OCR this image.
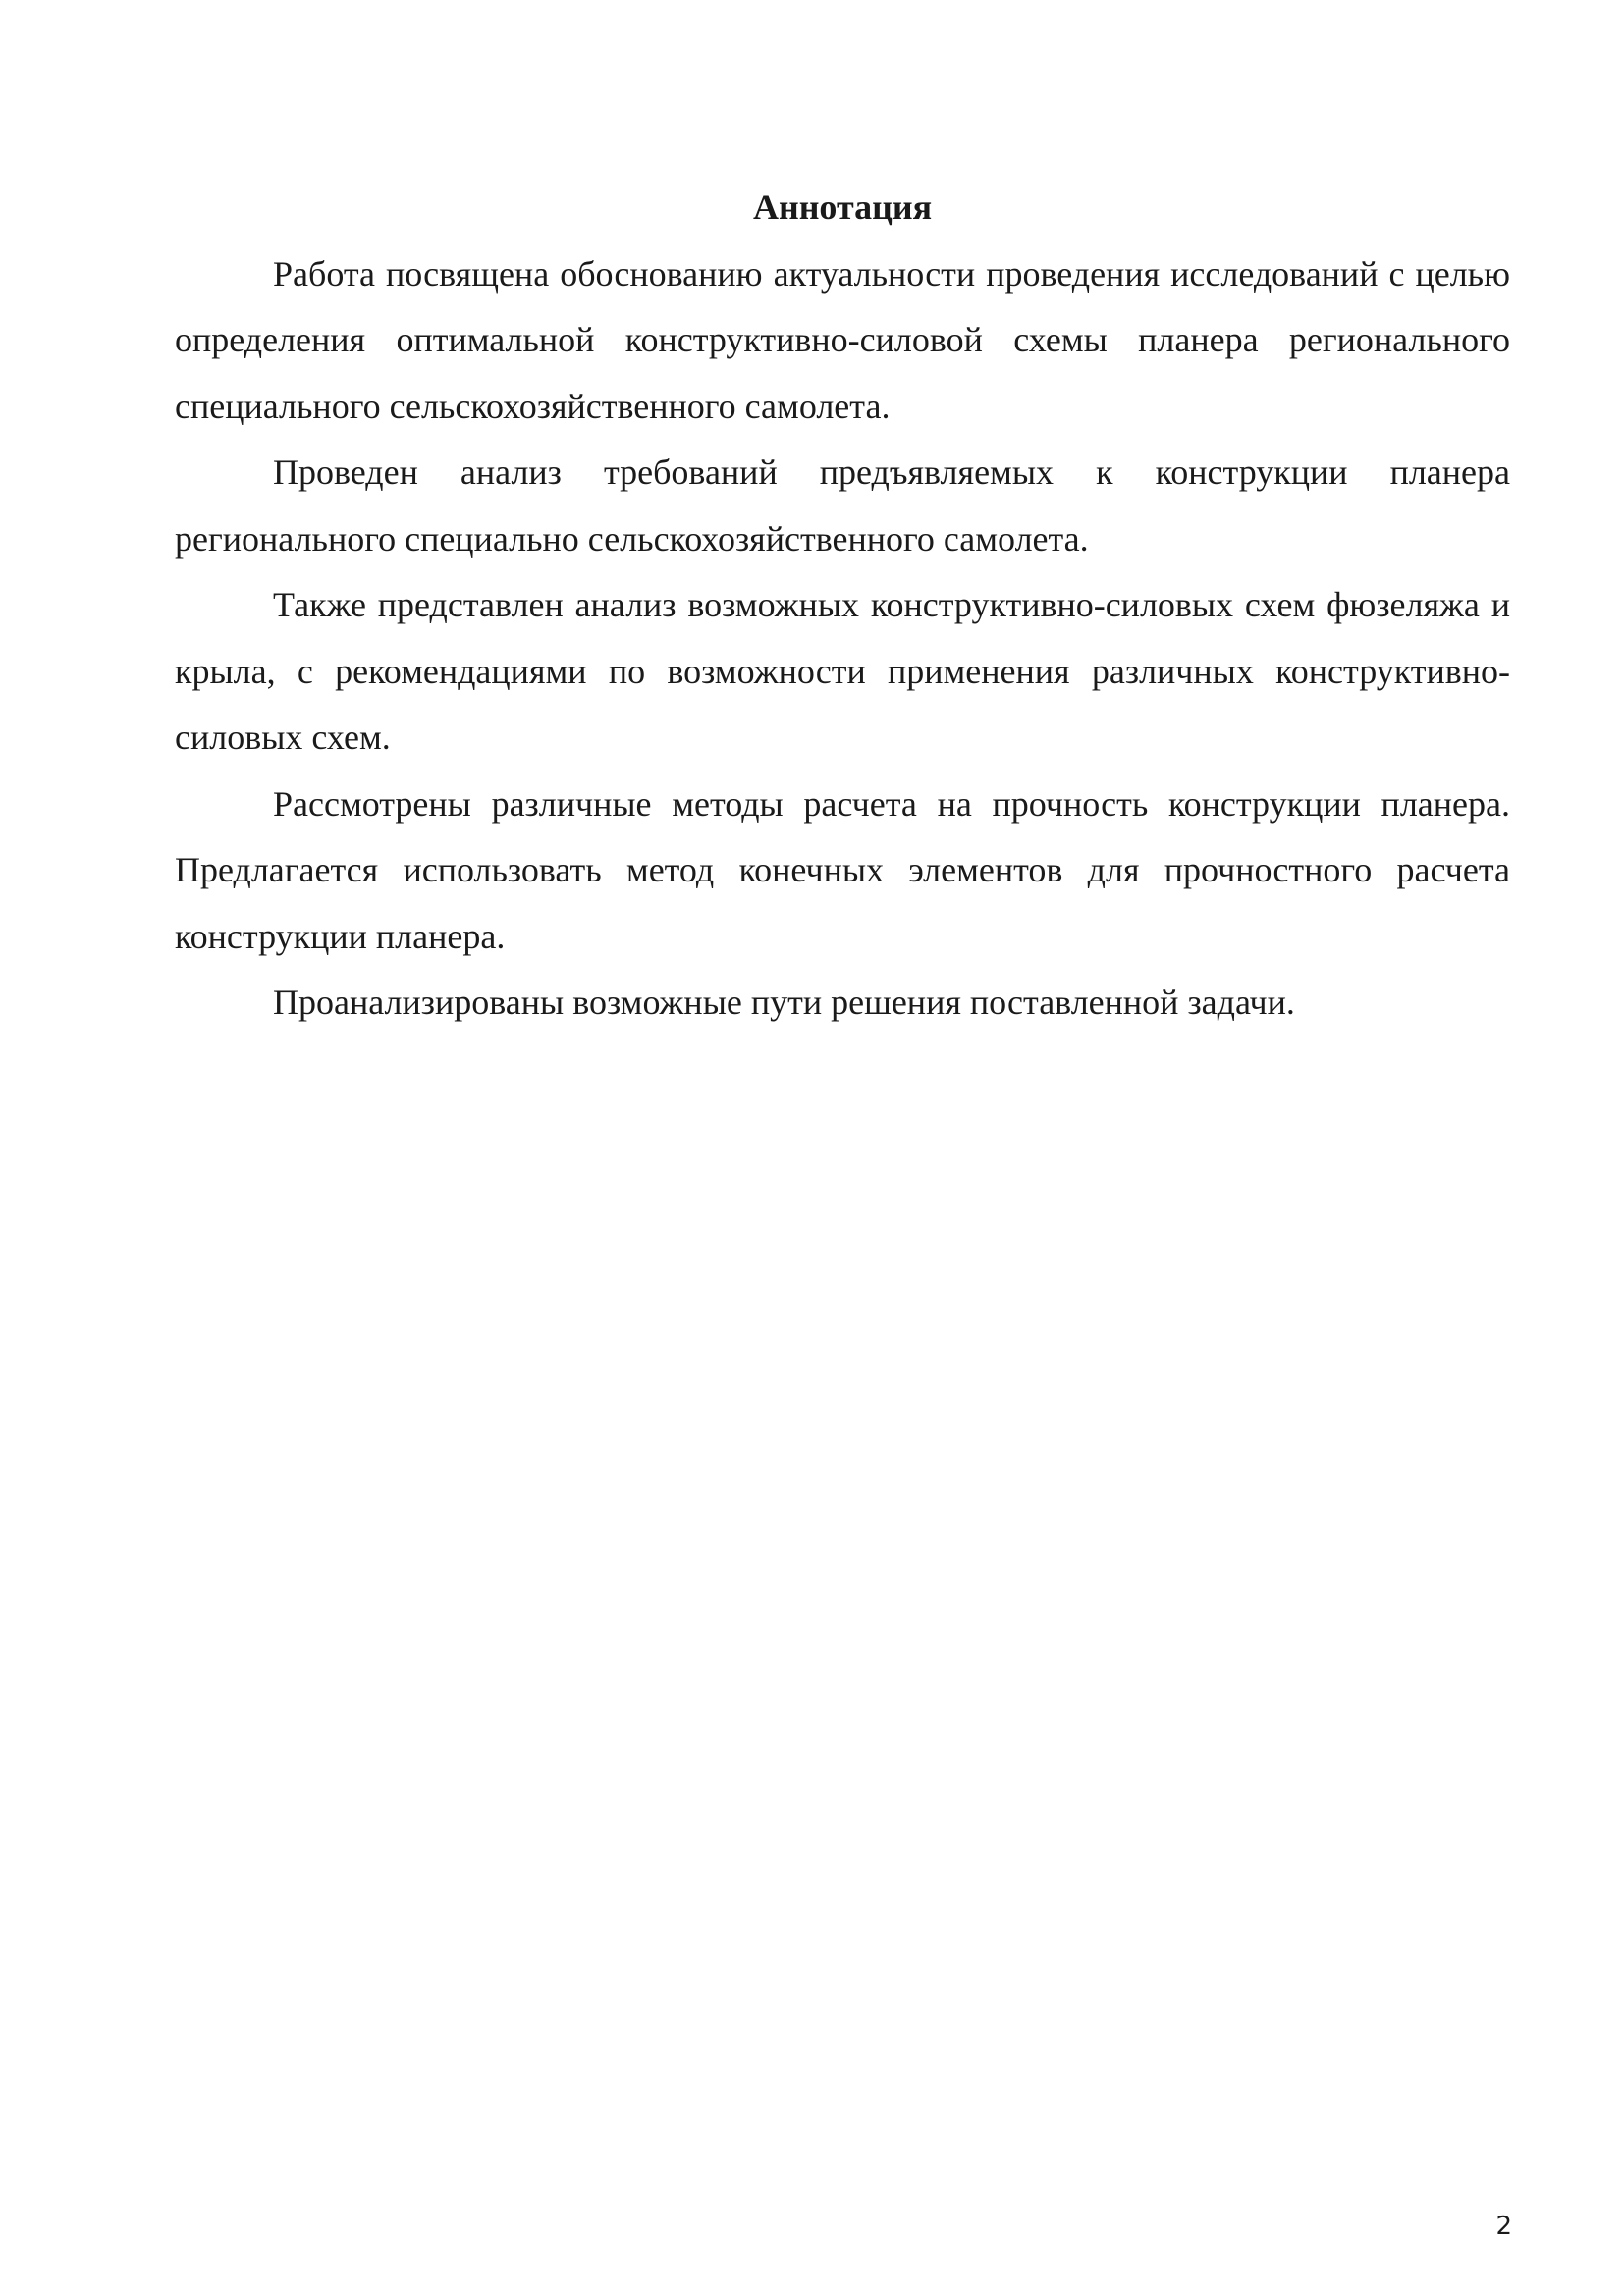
Аннотация

Работа посвящена обоснованию актуальности проведения исследований с целью определения оптимальной конструктивно-силовой схемы планера регионального специального сельскохозяйственного самолета.

Проведен анализ требований предъявляемых к конструкции планера регионального специально сельскохозяйственного самолета.

Также представлен анализ возможных конструктивно-силовых схем фюзеляжа и крыла, с рекомендациями по возможности применения различных конструктивно-силовых схем.

Рассмотрены различные методы расчета на прочность конструкции планера. Предлагается использовать метод конечных элементов для прочностного расчета конструкции планера.

Проанализированы возможные пути решения поставленной задачи.

2
